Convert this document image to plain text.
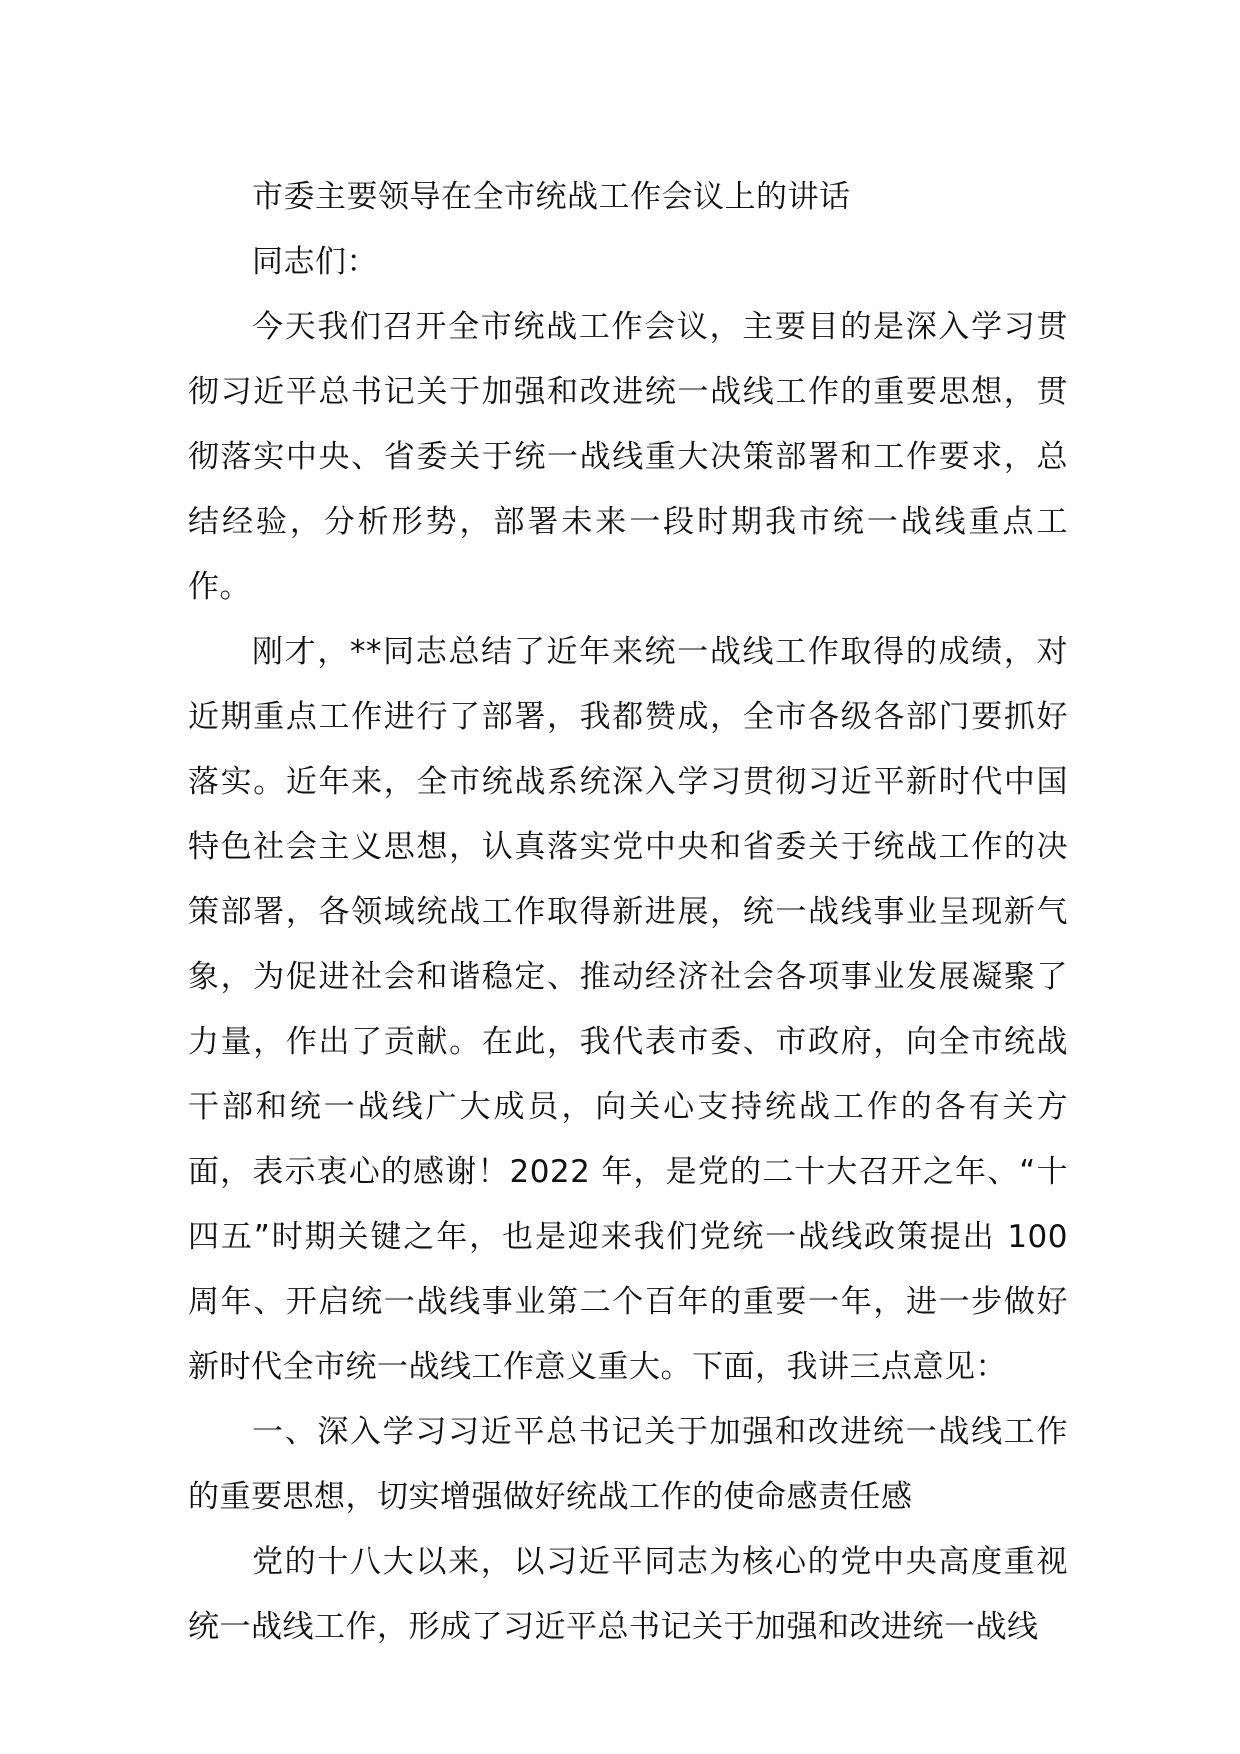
市委主要领导在全市统战工作会议上的讲话

同志们：

今天我们召开全市统战工作会议，主要目的是深入学习贯彻习近平总书记关于加强和改进统一战线工作的重要思想，贯彻落实中央、省委关于统一战线重大决策部署和工作要求，总结经验，分析形势，部署未来一段时期我市统一战线重点工作。

刚才，**同志总结了近年来统一战线工作取得的成绩，对近期重点工作进行了部署，我都赞成，全市各级各部门要抓好落实。近年来，全市统战系统深入学习贯彻习近平新时代中国特色社会主义思想，认真落实党中央和省委关于统战工作的决策部署，各领域统战工作取得新进展，统一战线事业呈现新气象，为促进社会和谐稳定、推动经济社会各项事业发展凝聚了力量，作出了贡献。在此，我代表市委、市政府，向全市统战干部和统一战线广大成员，向关心支持统战工作的各有关方面，表示衷心的感谢！2022 年，是党的二十大召开之年、“十四五”时期关键之年，也是迎来我们党统一战线政策提出 100 周年、开启统一战线事业第二个百年的重要一年，进一步做好新时代全市统一战线工作意义重大。下面，我讲三点意见：

一、深入学习习近平总书记关于加强和改进统一战线工作的重要思想，切实增强做好统战工作的使命感责任感

党的十八大以来，以习近平同志为核心的党中央高度重视统一战线工作，形成了习近平总书记关于加强和改进统一战线
